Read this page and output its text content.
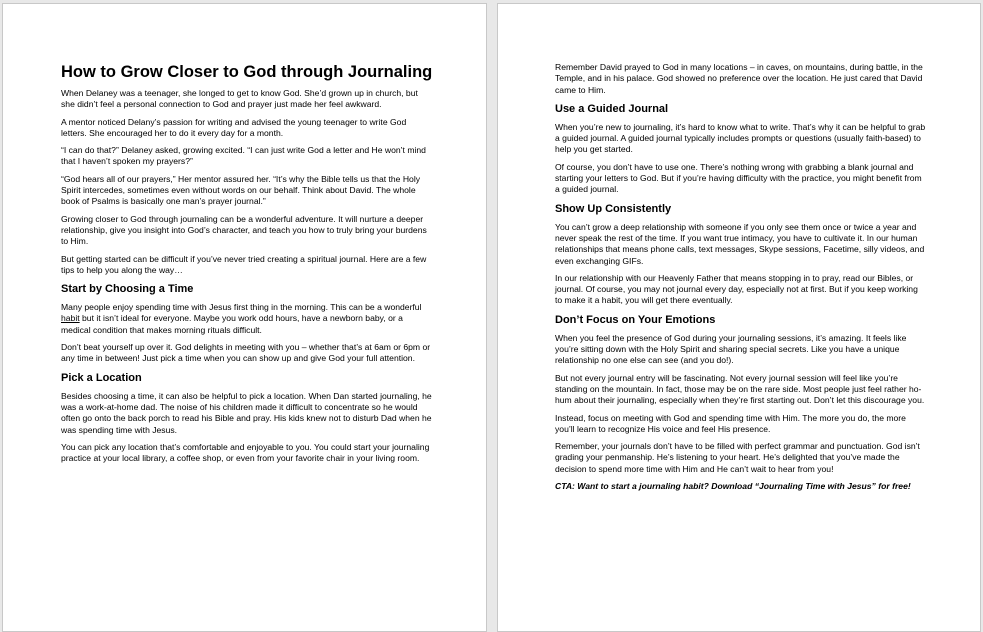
How to Grow Closer to God through Journaling

When Delaney was a teenager, she longed to get to know God. She’d grown up in church, but she didn’t feel a personal connection to God and prayer just made her feel awkward.

A mentor noticed Delany’s passion for writing and advised the young teenager to write God letters. She encouraged her to do it every day for a month.

“I can do that?” Delaney asked, growing excited. “I can just write God a letter and He won’t mind that I haven’t spoken my prayers?”

“God hears all of our prayers,” Her mentor assured her. “It’s why the Bible tells us that the Holy Spirit intercedes, sometimes even without words on our behalf. Think about David. The whole book of Psalms is basically one man’s prayer journal.”

Growing closer to God through journaling can be a wonderful adventure. It will nurture a deeper relationship, give you insight into God’s character, and teach you how to truly bring your burdens to Him.

But getting started can be difficult if you’ve never tried creating a spiritual journal. Here are a few tips to help you along the way…

Start by Choosing a Time

Many people enjoy spending time with Jesus first thing in the morning. This can be a wonderful habit but it isn’t ideal for everyone. Maybe you work odd hours, have a newborn baby, or a medical condition that makes morning rituals difficult.

Don’t beat yourself up over it. God delights in meeting with you – whether that’s at 6am or 6pm or any time in between! Just pick a time when you can show up and give God your full attention.

Pick a Location

Besides choosing a time, it can also be helpful to pick a location. When Dan started journaling, he was a work-at-home dad. The noise of his children made it difficult to concentrate so he would often go onto the back porch to read his Bible and pray. His kids knew not to disturb Dad when he was spending time with Jesus.

You can pick any location that’s comfortable and enjoyable to you. You could start your journaling practice at your local library, a coffee shop, or even from your favorite chair in your living room.

Remember David prayed to God in many locations – in caves, on mountains, during battle, in the Temple, and in his palace. God showed no preference over the location. He just cared that David came to Him.

Use a Guided Journal

When you’re new to journaling, it’s hard to know what to write. That’s why it can be helpful to grab a guided journal. A guided journal typically includes prompts or questions (usually faith-based) to help you get started.

Of course, you don’t have to use one. There’s nothing wrong with grabbing a blank journal and starting your letters to God. But if you’re having difficulty with the practice, you might benefit from a guided journal.

Show Up Consistently

You can’t grow a deep relationship with someone if you only see them once or twice a year and never speak the rest of the time. If you want true intimacy, you have to cultivate it. In our human relationships that means phone calls, text messages, Skype sessions, Facetime, silly videos, and even exchanging GIFs.

In our relationship with our Heavenly Father that means stopping in to pray, read our Bibles, or journal. Of course, you may not journal every day, especially not at first. But if you keep working to make it a habit, you will get there eventually.

Don’t Focus on Your Emotions

When you feel the presence of God during your journaling sessions, it’s amazing. It feels like you’re sitting down with the Holy Spirit and sharing special secrets. Like you have a unique relationship no one else can see (and you do!).

But not every journal entry will be fascinating. Not every journal session will feel like you’re standing on the mountain. In fact, those may be on the rare side. Most people just feel rather ho-hum about their journaling, especially when they’re first starting out. Don’t let this discourage you.

Instead, focus on meeting with God and spending time with Him. The more you do, the more you’ll learn to recognize His voice and feel His presence.

Remember, your journals don’t have to be filled with perfect grammar and punctuation. God isn’t grading your penmanship. He’s listening to your heart. He’s delighted that you’ve made the decision to spend more time with Him and He can’t wait to hear from you!

CTA: Want to start a journaling habit? Download “Journaling Time with Jesus” for free!
